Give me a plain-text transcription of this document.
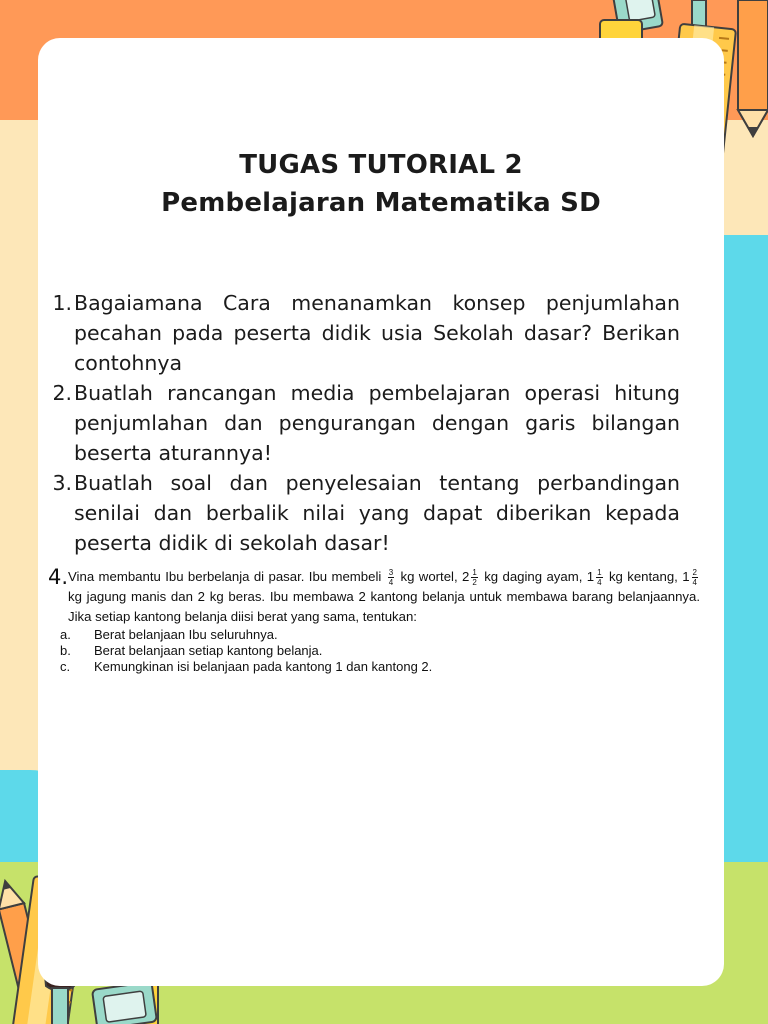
TUGAS TUTORIAL 2
Pembelajaran Matematika SD
1. Bagaiamana Cara menanamkan konsep penjumlahan pecahan pada peserta didik usia Sekolah dasar? Berikan contohnya
2. Buatlah rancangan media pembelajaran operasi hitung penjumlahan dan pengurangan dengan garis bilangan beserta aturannya!
3. Buatlah soal dan penyelesaian tentang perbandingan senilai dan berbalik nilai yang dapat diberikan kepada peserta didik di sekolah dasar!
4. Vina membantu Ibu berbelanja di pasar. Ibu membeli $\frac{3}{4}$ kg wortel, $2 \frac{1}{2}$ kg daging ayam, $1 \frac{1}{4}$ kg kentang, $1 \frac{2}{4}$
kg jagung manis dan 2 kg beras. Ibu membawa 2 kantong belanja untuk membawa barang belanjaannya. Jika setiap kantong belanja diisi berat yang sama, tentukan:
a.	Berat belanjaan Ibu seluruhnya.
b.	Berat belanjaan setiap kantong belanja.
c.	Kemungkinan isi belanjaan pada kantong 1 dan kantong 2.
